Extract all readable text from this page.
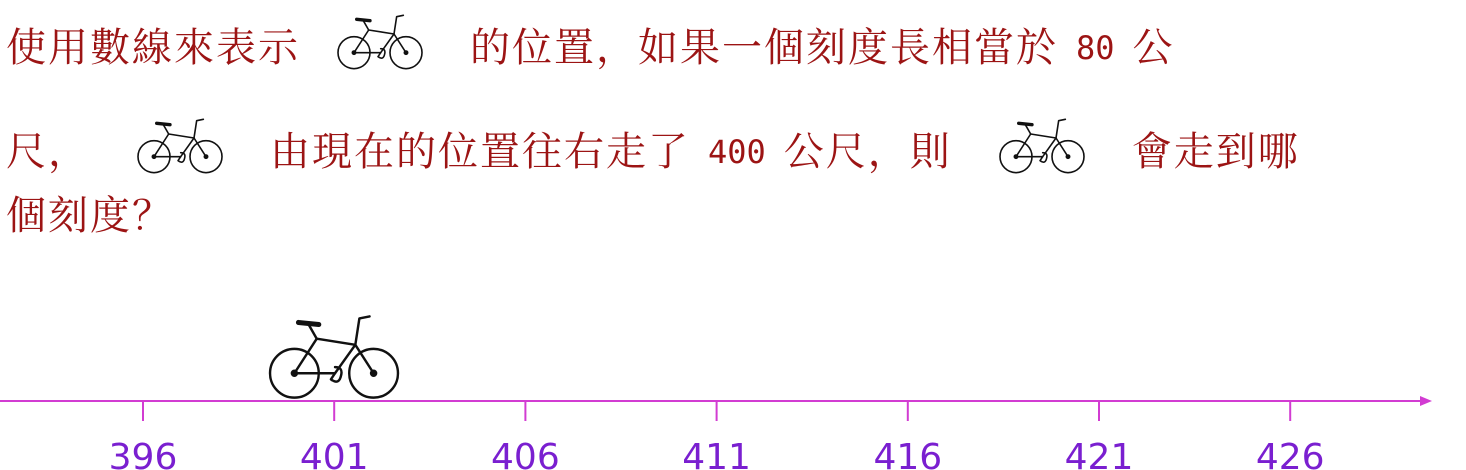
使用數線來表示	的位置，如果一個刻度長相當於 80 公
尺，	由現在的位置往右走了 400 公尺，則	會走到哪
個刻度？
396	401	406	411	416	421	426
